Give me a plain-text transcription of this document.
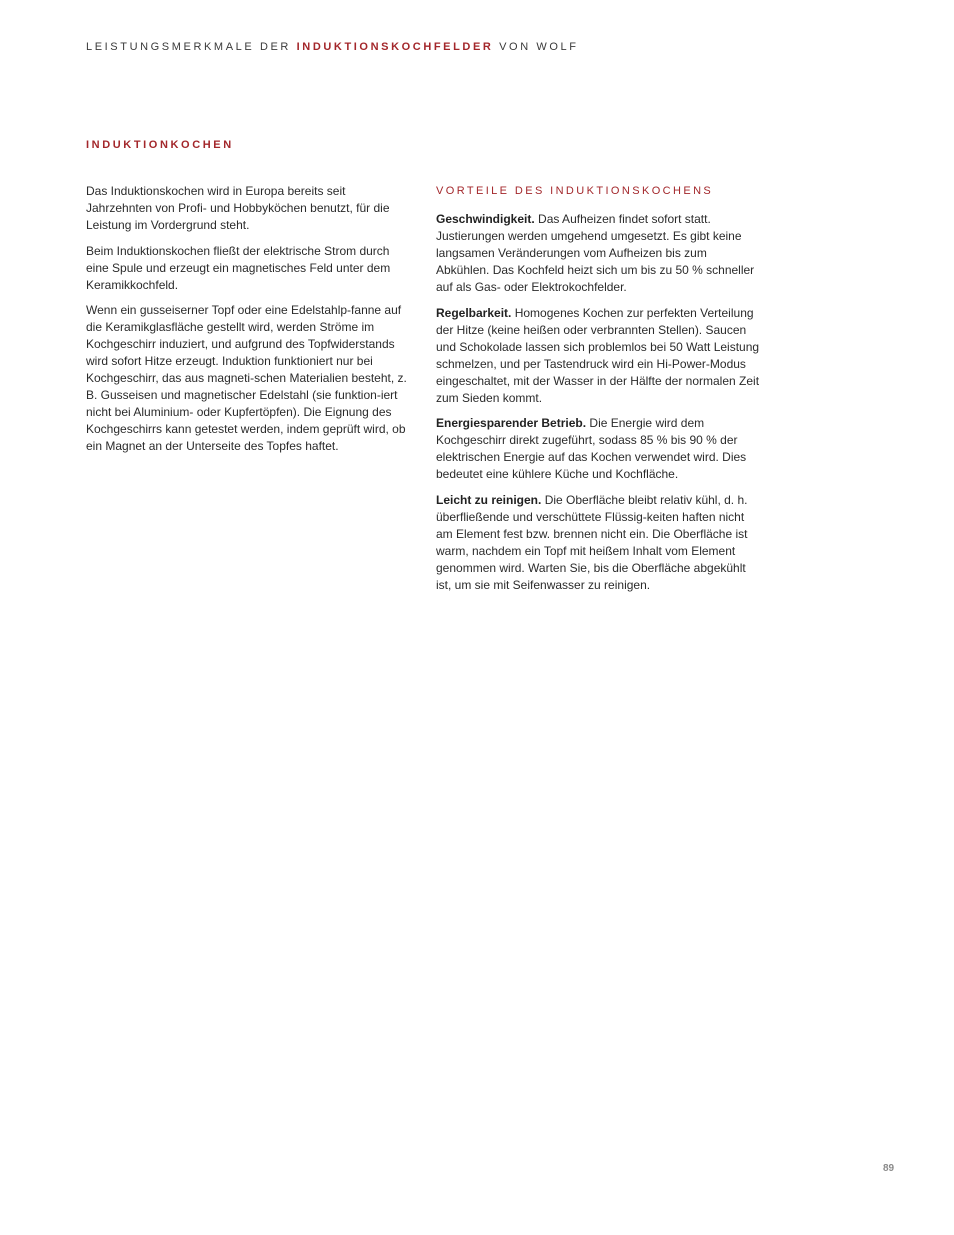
LEISTUNGSMERKMALE DER INDUKTIONSKOCHFELDER VON WOLF
INDUKTIONKOCHEN

Das Induktionskochen wird in Europa bereits seit Jahrzehnten von Profi- und Hobbyköchen benutzt, für die Leistung im Vordergrund steht.

Beim Induktionskochen fließt der elektrische Strom durch eine Spule und erzeugt ein magnetisches Feld unter dem Keramikkochfeld.

Wenn ein gusseiserner Topf oder eine Edelstahlp-fanne auf die Keramikglasfläche gestellt wird, werden Ströme im Kochgeschirr induziert, und aufgrund des Topfwiderstands wird sofort Hitze erzeugt. Induktion funktioniert nur bei Kochgeschirr, das aus magneti-schen Materialien besteht, z. B. Gusseisen und magnetischer Edelstahl (sie funktion-iert nicht bei Aluminium- oder Kupfertöpfen). Die Eignung des Kochgeschirrs kann getestet werden, indem geprüft wird, ob ein Magnet an der Unterseite des Topfes haftet.

VORTEILE DES INDUKTIONSKOCHENS

Geschwindigkeit. Das Aufheizen findet sofort statt. Justierungen werden umgehend umgesetzt. Es gibt keine langsamen Veränderungen vom Aufheizen bis zum Abkühlen. Das Kochfeld heizt sich um bis zu 50 % schneller auf als Gas- oder Elektrokochfelder.

Regelbarkeit. Homogenes Kochen zur perfekten Verteilung der Hitze (keine heißen oder verbrannten Stellen). Saucen und Schokolade lassen sich problemlos bei 50 Watt Leistung schmelzen, und per Tastendruck wird ein Hi-Power-Modus eingeschaltet, mit der Wasser in der Hälfte der normalen Zeit zum Sieden kommt.

Energiesparender Betrieb. Die Energie wird dem Kochgeschirr direkt zugeführt, sodass 85 % bis 90 % der elektrischen Energie auf das Kochen verwendet wird. Dies bedeutet eine kühlere Küche und Kochfläche.

Leicht zu reinigen. Die Oberfläche bleibt relativ kühl, d. h. überfließende und verschüttete Flüssig-keiten haften nicht am Element fest bzw. brennen nicht ein. Die Oberfläche ist warm, nachdem ein Topf mit heißem Inhalt vom Element genommen wird. Warten Sie, bis die Oberfläche abgekühlt ist, um sie mit Seifenwasser zu reinigen.

89
